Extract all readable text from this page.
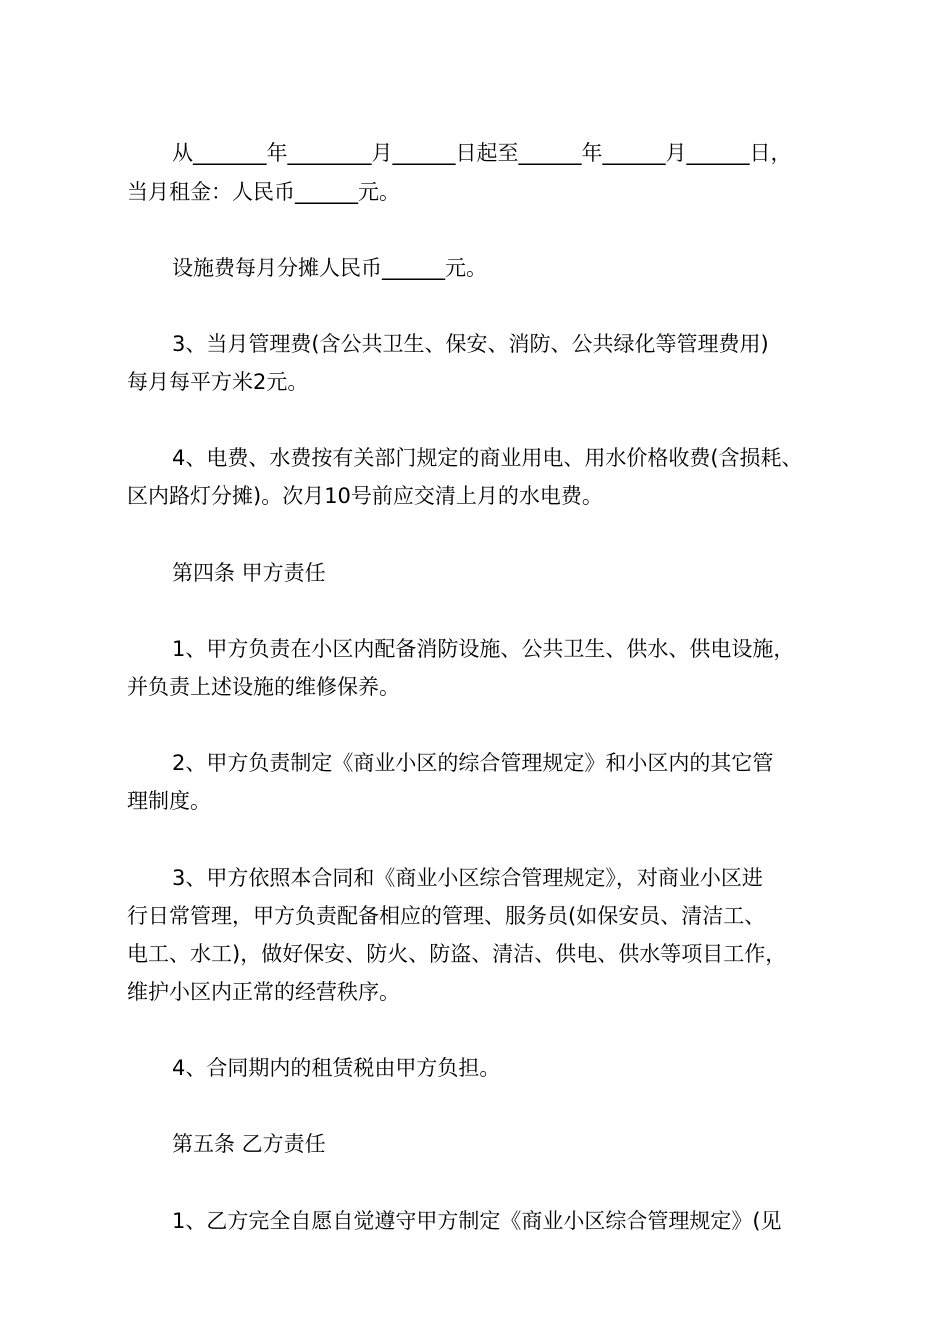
从_______年________月______日起至______年______月______日，
当月租金：人民币______元。
设施费每月分摊人民币______元。
3、当月管理费(含公共卫生、保安、消防、公共绿化等管理费用)
每月每平方米2元。
4、电费、水费按有关部门规定的商业用电、用水价格收费(含损耗、
区内路灯分摊)。次月10号前应交清上月的水电费。
第四条 甲方责任
1、甲方负责在小区内配备消防设施、公共卫生、供水、供电设施，
并负责上述设施的维修保养。
2、甲方负责制定《商业小区的综合管理规定》和小区内的其它管
理制度。
3、甲方依照本合同和《商业小区综合管理规定》，对商业小区进
行日常管理，甲方负责配备相应的管理、服务员(如保安员、清洁工、
电工、水工)，做好保安、防火、防盗、清洁、供电、供水等项目工作，
维护小区内正常的经营秩序。
4、合同期内的租赁税由甲方负担。
第五条 乙方责任
1、乙方完全自愿自觉遵守甲方制定《商业小区综合管理规定》(见
